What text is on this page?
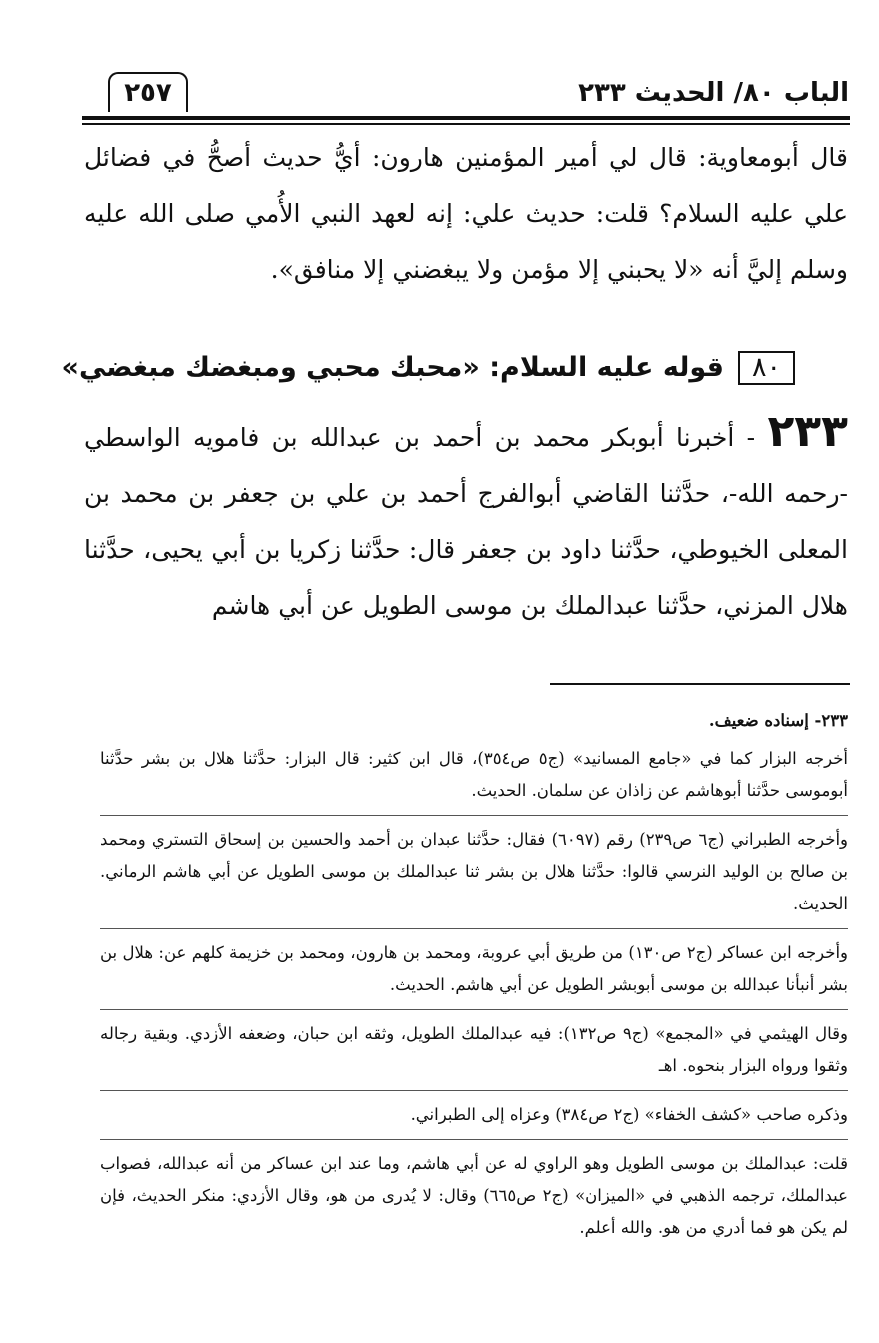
الباب ٨٠/ الحديث ٢٣٣
٢٥٧
قال أبومعاوية: قال لي أمير المؤمنين هارون: أيُّ حديث أصحُّ في فضائل علي عليه السلام؟ قلت: حديث علي: إنه لعهد النبي الأُمي صلى الله عليه وسلم إليَّ أنه «لا يحبني إلا مؤمن ولا يبغضني إلا منافق».
٨٠قوله عليه السلام: «محبك محبي ومبغضك مبغضي»
٢٣٣ - أخبرنا أبوبكر محمد بن أحمد بن عبدالله بن فامويه الواسطي -رحمه الله-، حدَّثنا القاضي أبوالفرج أحمد بن علي بن جعفر بن محمد بن المعلى الخيوطي، حدَّثنا داود بن جعفر قال: حدَّثنا زكريا بن أبي يحيى، حدَّثنا هلال المزني، حدَّثنا عبدالملك بن موسى الطويل عن أبي هاشم

٢٣٣- إسناده ضعيف.

أخرجه البزار كما في «جامع المسانيد» (ج٥ ص٣٥٤)، قال ابن كثير: قال البزار: حدَّثنا هلال بن بشر حدَّثنا أبوموسى حدَّثنا أبوهاشم عن زاذان عن سلمان. الحديث.

وأخرجه الطبراني (ج٦ ص٢٣٩) رقم (٦٠٩٧) فقال: حدَّثنا عبدان بن أحمد والحسين بن إسحاق التستري ومحمد بن صالح بن الوليد النرسي قالوا: حدَّثنا هلال بن بشر ثنا عبدالملك بن موسى الطويل عن أبي هاشم الرماني. الحديث.

وأخرجه ابن عساكر (ج٢ ص١٣٠) من طريق أبي عروبة، ومحمد بن هارون، ومحمد بن خزيمة كلهم عن: هلال بن بشر أنبأنا عبدالله بن موسى أبوبشر الطويل عن أبي هاشم. الحديث.

وقال الهيثمي في «المجمع» (ج٩ ص١٣٢): فيه عبدالملك الطويل، وثقه ابن حبان، وضعفه الأزدي. وبقية رجاله وثقوا ورواه البزار بنحوه. اهـ

وذكره صاحب «كشف الخفاء» (ج٢ ص٣٨٤) وعزاه إلى الطبراني.

قلت: عبدالملك بن موسى الطويل وهو الراوي له عن أبي هاشم، وما عند ابن عساكر من أنه عبدالله، فصواب عبدالملك، ترجمه الذهبي في «الميزان» (ج٢ ص٦٦٥) وقال: لا يُدرى من هو، وقال الأزدي: منكر الحديث، فإن لم يكن هو فما أدري من هو. والله أعلم.
